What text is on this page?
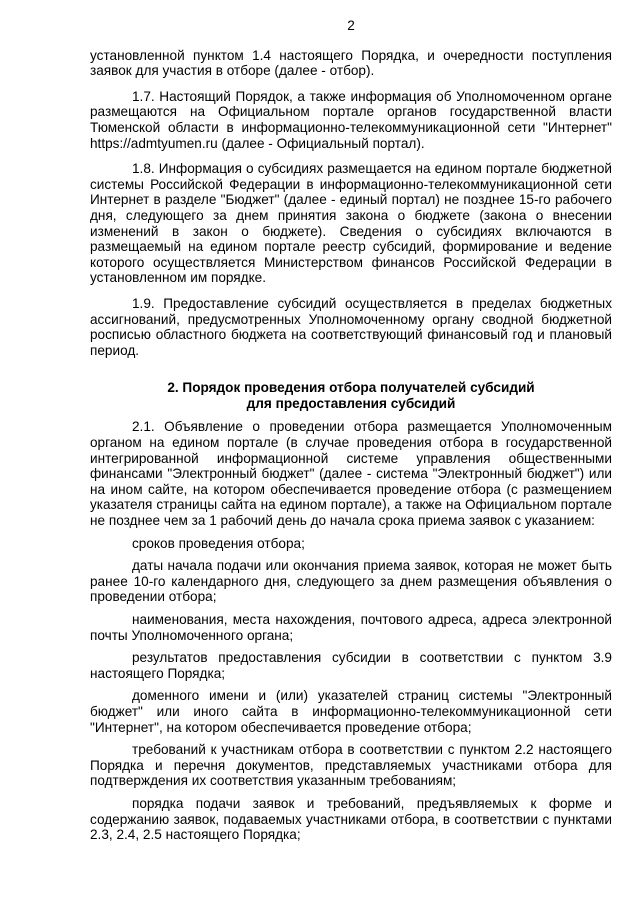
2

установленной пунктом 1.4 настоящего Порядка, и очередности поступления заявок для участия в отборе (далее - отбор).

1.7. Настоящий Порядок, а также информация об Уполномоченном органе размещаются на Официальном портале органов государственной власти Тюменской области в информационно-телекоммуникационной сети "Интернет" https://admtyumen.ru (далее - Официальный портал).

1.8. Информация о субсидиях размещается на едином портале бюджетной системы Российской Федерации в информационно-телекоммуникационной сети Интернет в разделе "Бюджет" (далее - единый портал) не позднее 15-го рабочего дня, следующего за днем принятия закона о бюджете (закона о внесении изменений в закон о бюджете). Сведения о субсидиях включаются в размещаемый на едином портале реестр субсидий, формирование и ведение которого осуществляется Министерством финансов Российской Федерации в установленном им порядке.

1.9. Предоставление субсидий осуществляется в пределах бюджетных ассигнований, предусмотренных Уполномоченному органу сводной бюджетной росписью областного бюджета на соответствующий финансовый год и плановый период.

2. Порядок проведения отбора получателей субсидий
для предоставления субсидий

2.1. Объявление о проведении отбора размещается Уполномоченным органом на едином портале (в случае проведения отбора в государственной интегрированной информационной системе управления общественными финансами "Электронный бюджет" (далее - система "Электронный бюджет") или на ином сайте, на котором обеспечивается проведение отбора (с размещением указателя страницы сайта на едином портале), а также на Официальном портале не позднее чем за 1 рабочий день до начала срока приема заявок с указанием:

сроков проведения отбора;

даты начала подачи или окончания приема заявок, которая не может быть ранее 10-го календарного дня, следующего за днем размещения объявления о проведении отбора;

наименования, места нахождения, почтового адреса, адреса электронной почты Уполномоченного органа;

результатов предоставления субсидии в соответствии с пунктом 3.9 настоящего Порядка;

доменного имени и (или) указателей страниц системы "Электронный бюджет" или иного сайта в информационно-телекоммуникационной сети "Интернет", на котором обеспечивается проведение отбора;

требований к участникам отбора в соответствии с пунктом 2.2 настоящего Порядка и перечня документов, представляемых участниками отбора для подтверждения их соответствия указанным требованиям;

порядка подачи заявок и требований, предъявляемых к форме и содержанию заявок, подаваемых участниками отбора, в соответствии с пунктами 2.3, 2.4, 2.5 настоящего Порядка;
